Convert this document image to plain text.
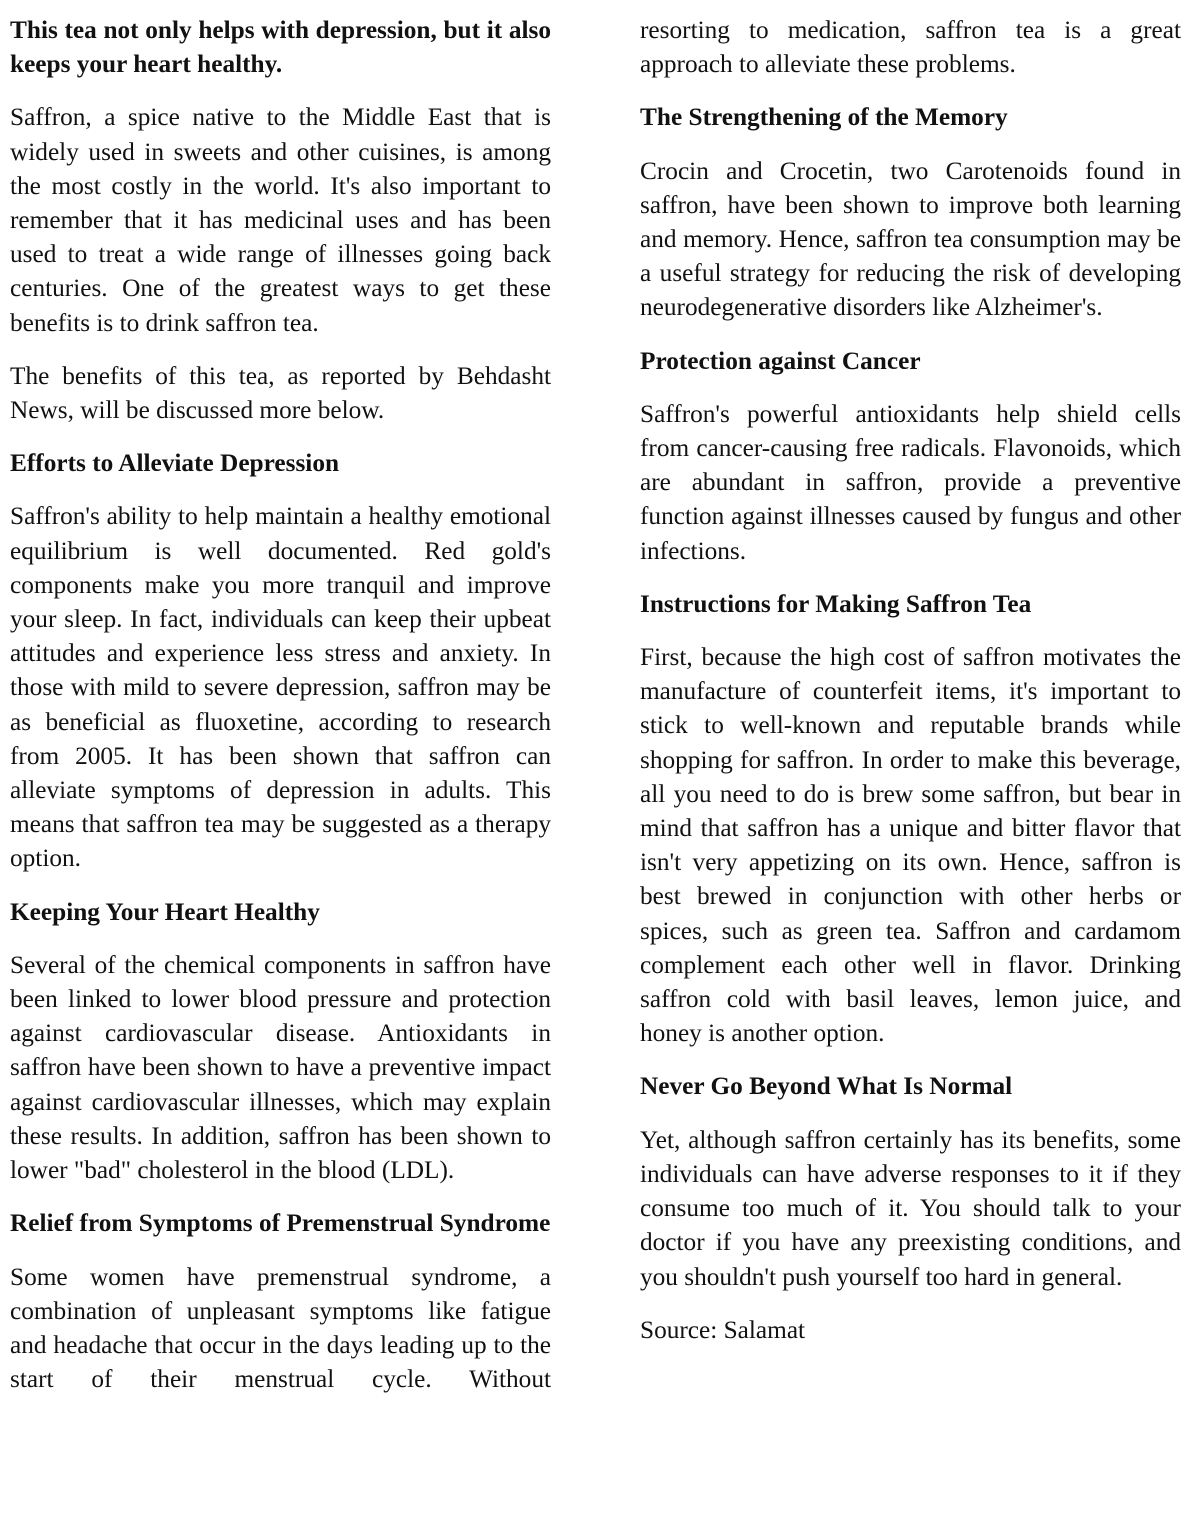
This tea not only helps with depression, but it also keeps your heart healthy.

Saffron, a spice native to the Middle East that is widely used in sweets and other cuisines, is among the most costly in the world. It's also important to remember that it has medicinal uses and has been used to treat a wide range of illnesses going back centuries. One of the greatest ways to get these benefits is to drink saffron tea.

The benefits of this tea, as reported by Behdasht News, will be discussed more below.

Efforts to Alleviate Depression

Saffron's ability to help maintain a healthy emotional equilibrium is well documented. Red gold's components make you more tranquil and improve your sleep. In fact, individuals can keep their upbeat attitudes and experience less stress and anxiety. In those with mild to severe depression, saffron may be as beneficial as fluoxetine, according to research from 2005. It has been shown that saffron can alleviate symptoms of depression in adults. This means that saffron tea may be suggested as a therapy option.

Keeping Your Heart Healthy

Several of the chemical components in saffron have been linked to lower blood pressure and protection against cardiovascular disease. Antioxidants in saffron have been shown to have a preventive impact against cardiovascular illnesses, which may explain these results. In addition, saffron has been shown to lower "bad" cholesterol in the blood (LDL).

Relief from Symptoms of Premenstrual Syndrome

Some women have premenstrual syndrome, a combination of unpleasant symptoms like fatigue and headache that occur in the days leading up to the start of their menstrual cycle. Without

resorting to medication, saffron tea is a great approach to alleviate these problems.

The Strengthening of the Memory

Crocin and Crocetin, two Carotenoids found in saffron, have been shown to improve both learning and memory. Hence, saffron tea consumption may be a useful strategy for reducing the risk of developing neurodegenerative disorders like Alzheimer's.

Protection against Cancer

Saffron's powerful antioxidants help shield cells from cancer-causing free radicals. Flavonoids, which are abundant in saffron, provide a preventive function against illnesses caused by fungus and other infections.

Instructions for Making Saffron Tea

First, because the high cost of saffron motivates the manufacture of counterfeit items, it's important to stick to well-known and reputable brands while shopping for saffron. In order to make this beverage, all you need to do is brew some saffron, but bear in mind that saffron has a unique and bitter flavor that isn't very appetizing on its own. Hence, saffron is best brewed in conjunction with other herbs or spices, such as green tea. Saffron and cardamom complement each other well in flavor. Drinking saffron cold with basil leaves, lemon juice, and honey is another option.

Never Go Beyond What Is Normal

Yet, although saffron certainly has its benefits, some individuals can have adverse responses to it if they consume too much of it. You should talk to your doctor if you have any preexisting conditions, and you shouldn't push yourself too hard in general.

Source: Salamat
